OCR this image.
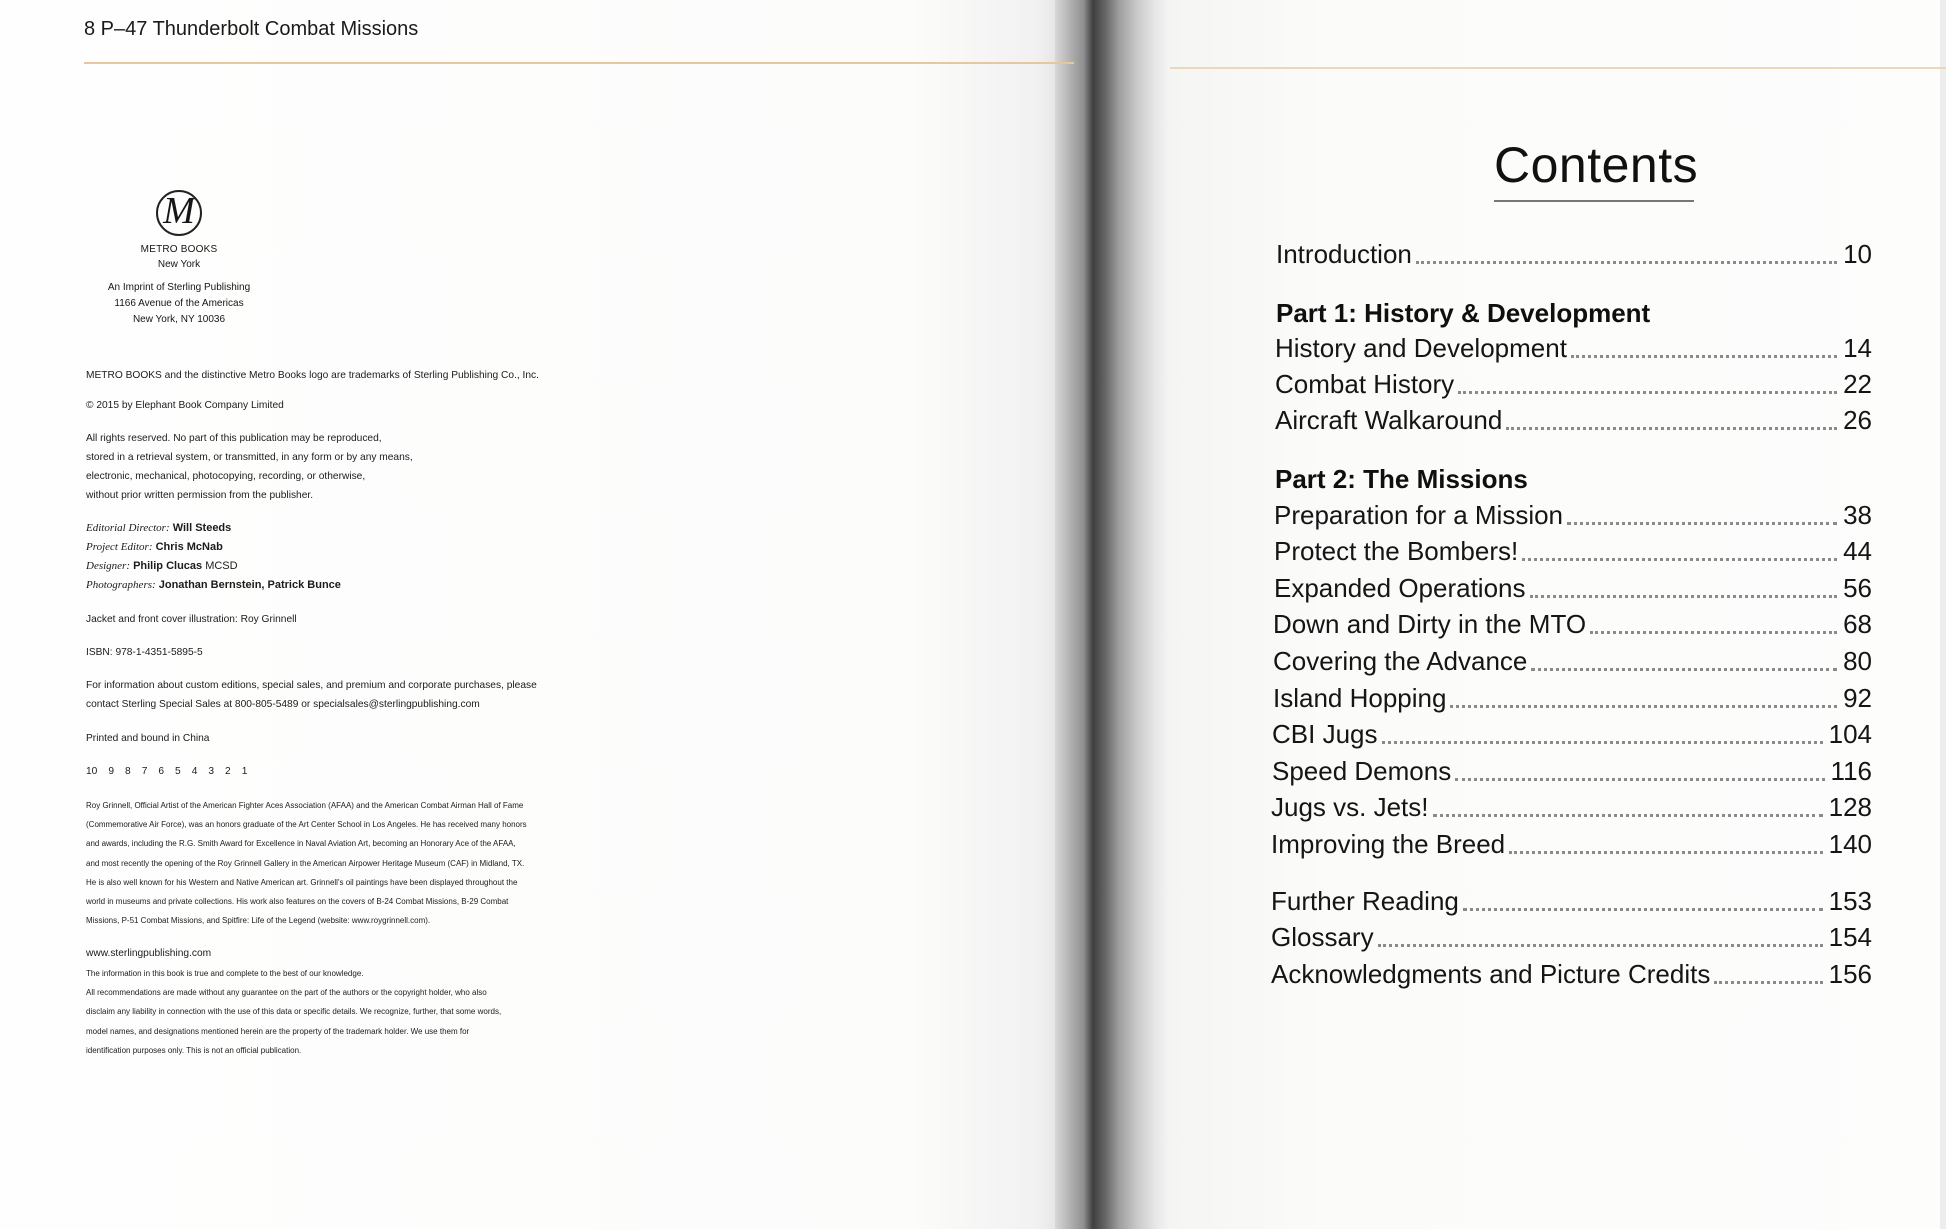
8 P–47 Thunderbolt Combat Missions
M
METRO BOOKS
New York
An Imprint of Sterling Publishing
1166 Avenue of the Americas
New York, NY 10036
METRO BOOKS and the distinctive Metro Books logo are trademarks of Sterling Publishing Co., Inc.
© 2015 by Elephant Book Company Limited
All rights reserved. No part of this publication may be reproduced,
stored in a retrieval system, or transmitted, in any form or by any means,
electronic, mechanical, photocopying, recording, or otherwise,
without prior written permission from the publisher.
Editorial Director: Will Steeds
Project Editor: Chris McNab
Designer: Philip Clucas MCSD
Photographers: Jonathan Bernstein, Patrick Bunce
Jacket and front cover illustration: Roy Grinnell
ISBN: 978-1-4351-5895-5
For information about custom editions, special sales, and premium and corporate purchases, please
contact Sterling Special Sales at 800-805-5489 or specialsales@sterlingpublishing.com
Printed and bound in China
10 9 8 7 6 5 4 3 2 1
Roy Grinnell, Official Artist of the American Fighter Aces Association (AFAA) and the American Combat Airman Hall of Fame
(Commemorative Air Force), was an honors graduate of the Art Center School in Los Angeles. He has received many honors
and awards, including the R.G. Smith Award for Excellence in Naval Aviation Art, becoming an Honorary Ace of the AFAA,
and most recently the opening of the Roy Grinnell Gallery in the American Airpower Heritage Museum (CAF) in Midland, TX.
He is also well known for his Western and Native American art. Grinnell's oil paintings have been displayed throughout the
world in museums and private collections. His work also features on the covers of B-24 Combat Missions, B-29 Combat
Missions, P-51 Combat Missions, and Spitfire: Life of the Legend (website: www.roygrinnell.com).
www.sterlingpublishing.com
The information in this book is true and complete to the best of our knowledge.
All recommendations are made without any guarantee on the part of the authors or the copyright holder, who also
disclaim any liability in connection with the use of this data or specific details. We recognize, further, that some words,
model names, and designations mentioned herein are the property of the trademark holder. We use them for
identification purposes only. This is not an official publication.
Contents
Introduction	10
Part 1: History & Development
History and Development	14
Combat History	22
Aircraft Walkaround	26
Part 2: The Missions
Preparation for a Mission	38
Protect the Bombers!	44
Expanded Operations	56
Down and Dirty in the MTO	68
Covering the Advance	80
Island Hopping	92
CBI Jugs	104
Speed Demons	116
Jugs vs. Jets!	128
Improving the Breed	140
Further Reading	153
Glossary	154
Acknowledgments and Picture Credits	156
